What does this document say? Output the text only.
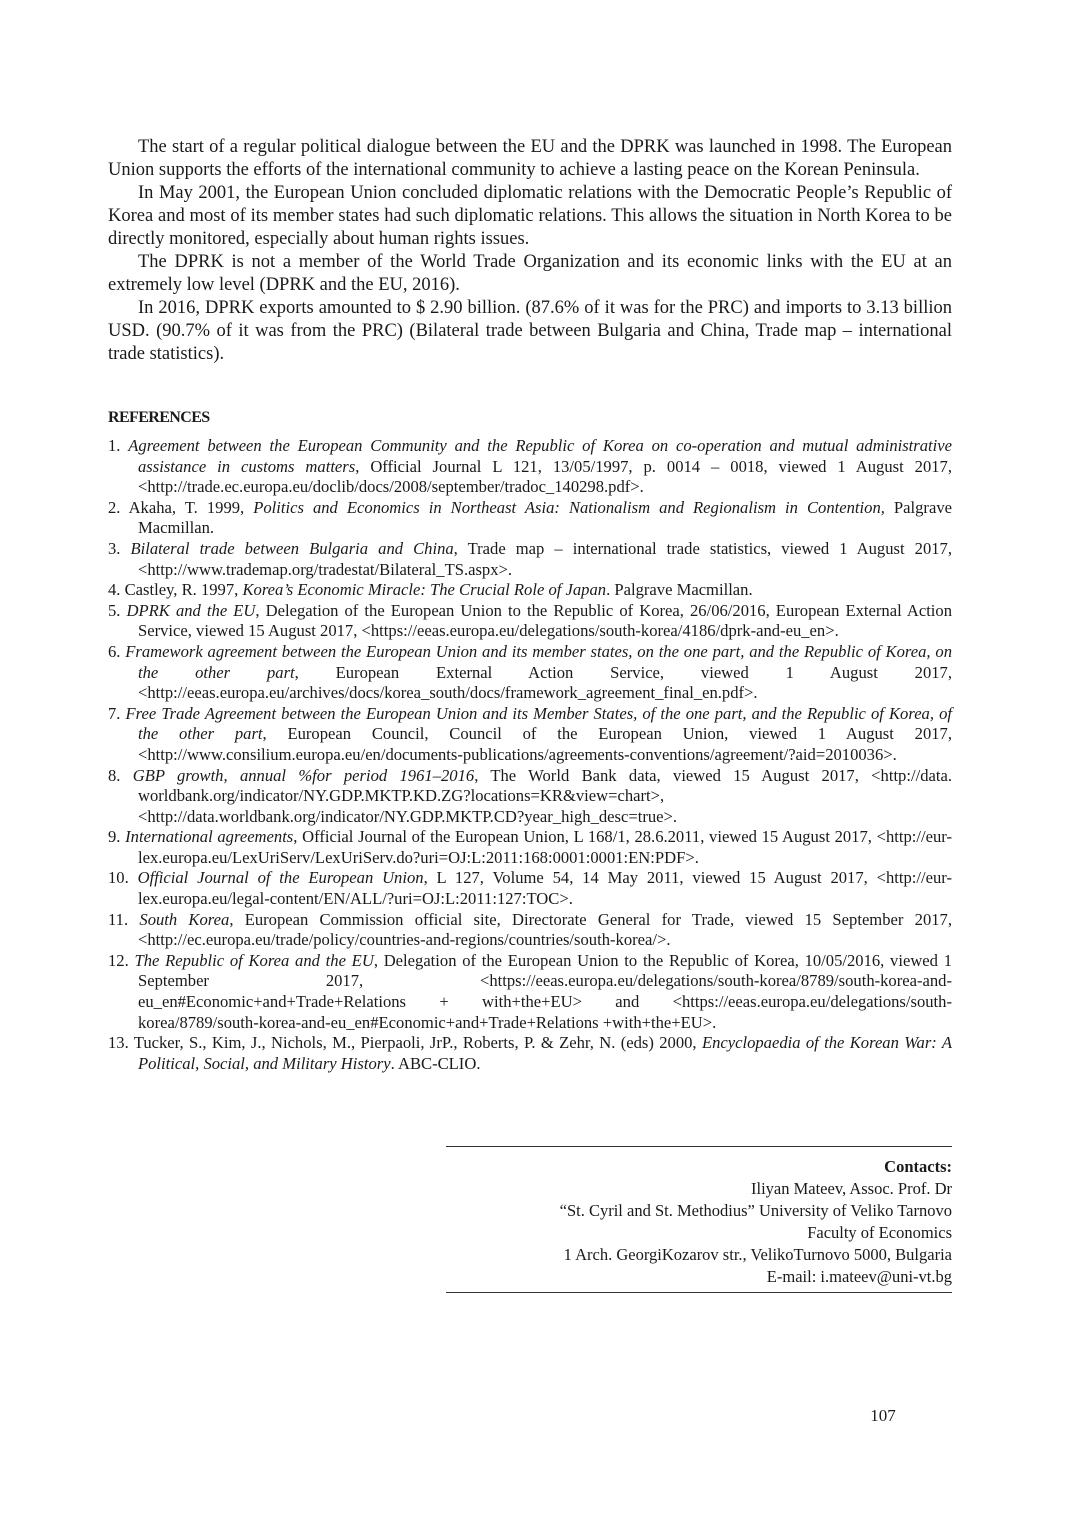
The start of a regular political dialogue between the EU and the DPRK was launched in 1998. The European Union supports the efforts of the international community to achieve a lasting peace on the Korean Peninsula.

In May 2001, the European Union concluded diplomatic relations with the Democratic People’s Republic of Korea and most of its member states had such diplomatic relations. This allows the situation in North Korea to be directly monitored, especially about human rights issues.

The DPRK is not a member of the World Trade Organization and its economic links with the EU at an extremely low level (DPRK and the EU, 2016).

In 2016, DPRK exports amounted to $ 2.90 billion. (87.6% of it was for the PRC) and imports to 3.13 billion USD. (90.7% of it was from the PRC) (Bilateral trade between Bulgaria and China, Trade map – international trade statistics).

REFERENCES

1. Agreement between the European Community and the Republic of Korea on co-operation and mutual administrative assistance in customs matters, Official Journal L 121, 13/05/1997, p. 0014 – 0018, viewed 1 August 2017, <http://trade.ec.europa.eu/doclib/docs/2008/september/tradoc_140298.pdf>.

2. Akaha, T. 1999, Politics and Economics in Northeast Asia: Nationalism and Regionalism in Contention, Palgrave Macmillan.

3. Bilateral trade between Bulgaria and China, Trade map – international trade statistics, viewed 1 August 2017, <http://www.trademap.org/tradestat/Bilateral_TS.aspx>.

4. Castley, R. 1997, Korea’s Economic Miracle: The Crucial Role of Japan. Palgrave Macmillan.

5. DPRK and the EU, Delegation of the European Union to the Republic of Korea, 26/06/2016, European External Action Service, viewed 15 August 2017, <https://eeas.europa.eu/delegations/south-korea/4186/dprk-and-eu_en>.

6. Framework agreement between the European Union and its member states, on the one part, and the Republic of Korea, on the other part, European External Action Service, viewed 1 August 2017, <http://eeas.europa.eu/archives/docs/korea_south/docs/framework_agreement_final_en.pdf>.

7. Free Trade Agreement between the European Union and its Member States, of the one part, and the Republic of Korea, of the other part, European Council, Council of the European Union, viewed 1 August 2017, <http://www.consilium.europa.eu/en/documents-publications/agreements-conventions/agreement/?aid=2010036>.

8. GBP growth, annual %for period 1961–2016, The World Bank data, viewed 15 August 2017, <http://data. worldbank.org/indicator/NY.GDP.MKTP.KD.ZG?locations=KR&view=chart>, <http://data.worldbank.org/indicator/NY.GDP.MKTP.CD?year_high_desc=true>.

9. International agreements, Official Journal of the European Union, L 168/1, 28.6.2011, viewed 15 August 2017, <http://eur-lex.europa.eu/LexUriServ/LexUriServ.do?uri=OJ:L:2011:168:0001:0001:EN:PDF>.

10. Official Journal of the European Union, L 127, Volume 54, 14 May 2011, viewed 15 August 2017, <http://eur-lex.europa.eu/legal-content/EN/ALL/?uri=OJ:L:2011:127:TOC>.

11. South Korea, European Commission official site, Directorate General for Trade, viewed 15 September 2017, <http://ec.europa.eu/trade/policy/countries-and-regions/countries/south-korea/>.

12. The Republic of Korea and the EU, Delegation of the European Union to the Republic of Korea, 10/05/2016, viewed 1 September 2017, <https://eeas.europa.eu/delegations/south-korea/8789/south-korea-and-eu_en#Economic+and+Trade+Relations + with+the+EU> and <https://eeas.europa.eu/delegations/south-korea/8789/south-korea-and-eu_en#Economic+and+Trade+Relations +with+the+EU>.

13. Tucker, S., Kim, J., Nichols, M., Pierpaoli, JrP., Roberts, P. & Zehr, N. (eds) 2000, Encyclopaedia of the Korean War: A Political, Social, and Military History. ABC-CLIO.

Contacts:
Iliyan Mateev, Assoc. Prof. Dr
“St. Cyril and St. Methodius” University of Veliko Tarnovo
Faculty of Economics
1 Arch. GeorgiKozarov str., VelikoTurnovo 5000, Bulgaria
E-mail: i.mateev@uni-vt.bg
107
